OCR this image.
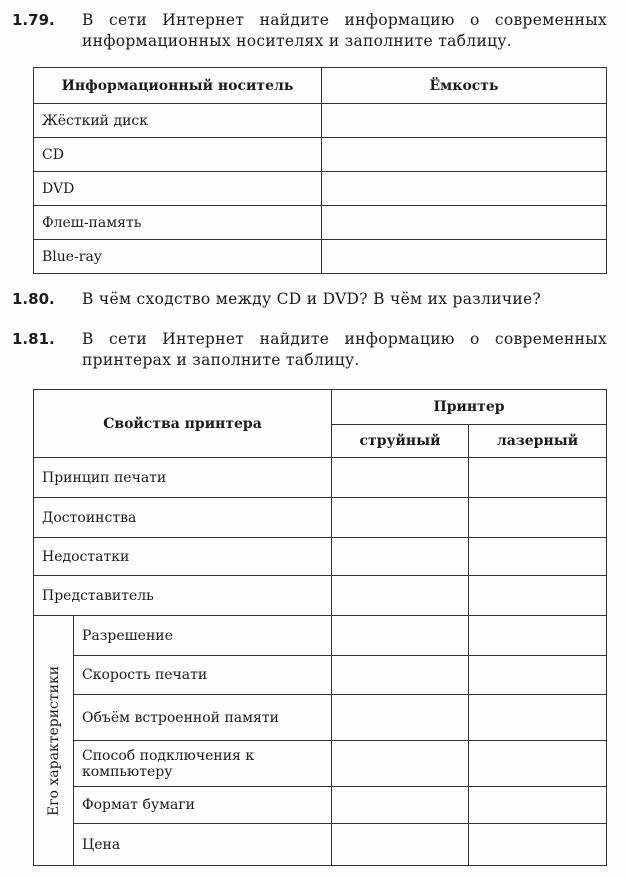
1.79. В сети Интернет найдите информацию о современных информационных носителях и заполните таблицу.
Информационный носитель	Ёмкость
Жёсткий диск	
CD	
DVD	
Флеш-память	
Blue-ray	
1.80. В чём сходство между CD и DVD? В чём их различие?
1.81. В сети Интернет найдите информацию о современных принтерах и заполните таблицу.
Свойства принтера		Принтер	
		струйный	лазерный
Принцип печати			
Достоинства			
Недостатки			
Представитель			

Его характеристики	Разрешение		
	Скорость печати		
	Объём встроенной памяти		
	Способ подключения к компьютеру		
	Формат бумаги		
	Цена		
